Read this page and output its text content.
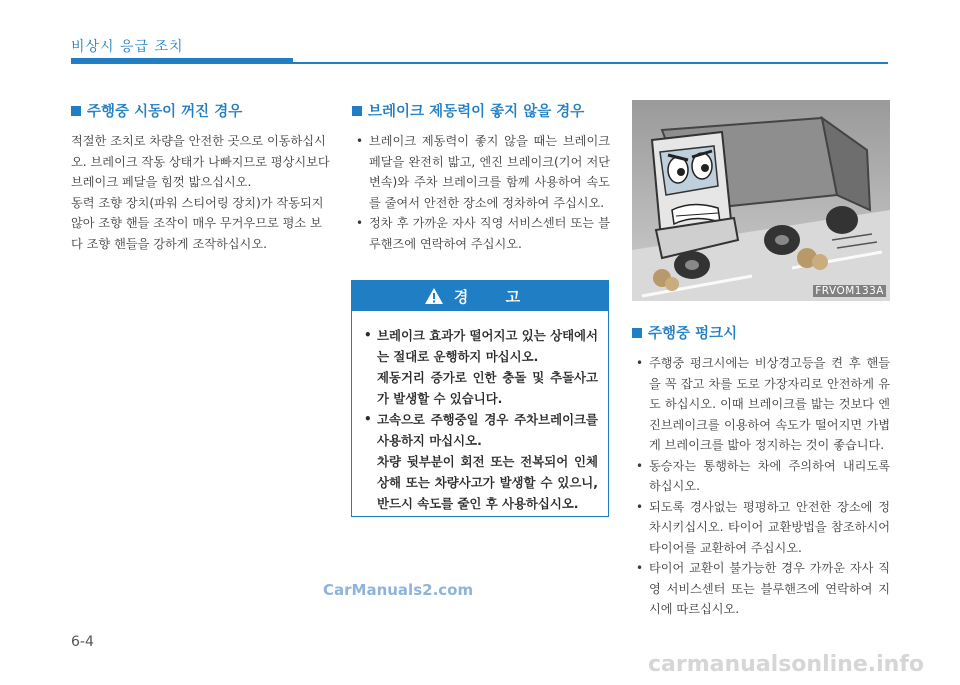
비상시 응급 조치
주행중 시동이 꺼진 경우

적절한 조치로 차량을 안전한 곳으로 이동하십시오. 브레이크 작동 상태가 나빠지므로 평상시보다 브레이크 페달을 힘껏 밟으십시오.

동력 조향 장치(파워 스티어링 장치)가 작동되지 않아 조향 핸들 조작이 매우 무거우므로 평소 보다 조향 핸들을 강하게 조작하십시오.

브레이크 제동력이 좋지 않을 경우
• 브레이크 제동력이 좋지 않을 때는 브레이크 페달을 완전히 밟고, 엔진 브레이크(기어 저단 변속)와 주차 브레이크를 함께 사용하여 속도를 줄여서 안전한 장소에 정차하여 주십시오.
• 정차 후 가까운 자사 직영 서비스센터 또는 블루핸즈에 연락하여 주십시오.
경 고

• 브레이크 효과가 떨어지고 있는 상태에서는 절대로 운행하지 마십시오.

제동거리 증가로 인한 충돌 및 추돌사고가 발생할 수 있습니다.

• 고속으로 주행중일 경우 주차브레이크를 사용하지 마십시오.

차량 뒷부분이 회전 또는 전복되어 인체 상해 또는 차량사고가 발생할 수 있으니, 반드시 속도를 줄인 후 사용하십시오.

FRVOM133A
주행중 펑크시
• 주행중 펑크시에는 비상경고등을 켠 후 핸들을 꼭 잡고 차를 도로 가장자리로 안전하게 유도 하십시오. 이때 브레이크를 밟는 것보다 엔진브레이크를 이용하여 속도가 떨어지면 가볍게 브레이크를 밟아 정지하는 것이 좋습니다.
• 동승자는 통행하는 차에 주의하여 내리도록 하십시오.
• 되도록 경사없는 평평하고 안전한 장소에 정차시키십시오. 타이어 교환방법을 참조하시어 타이어를 교환하여 주십시오.
• 타이어 교환이 불가능한 경우 가까운 자사 직영 서비스센터 또는 블루핸즈에 연락하여 지시에 따르십시오.
CarManuals2.com
6-4
carmanualsonline.info
